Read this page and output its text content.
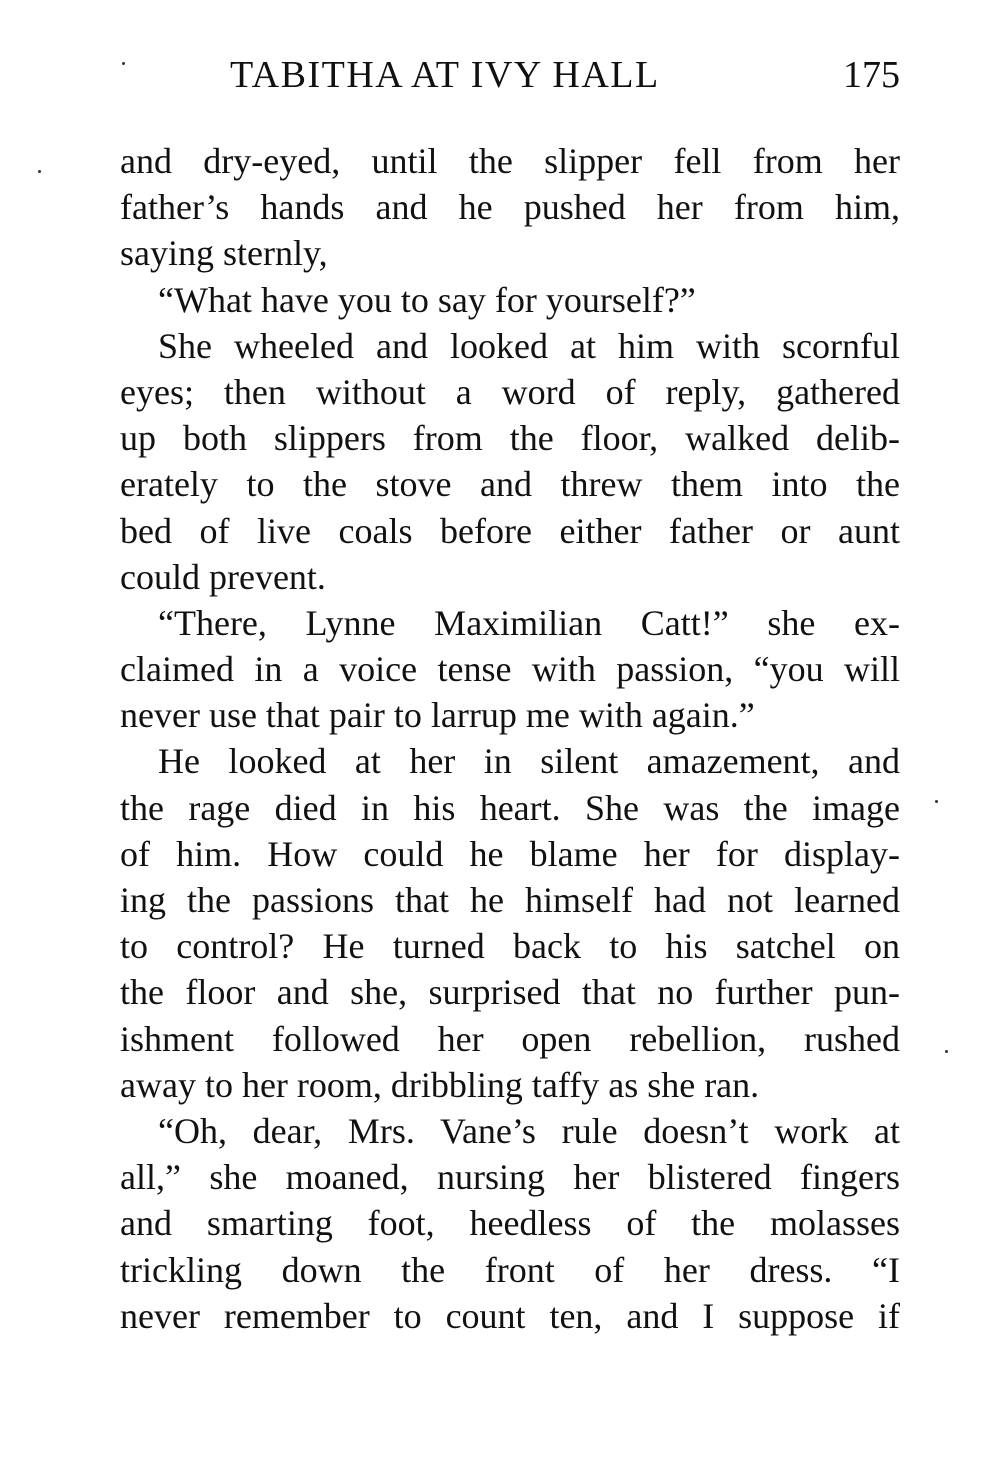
TABITHA AT IVY HALL	175
and dry-eyed, until the slipper fell from her
father’s hands and he pushed her from him,
saying sternly,
“What have you to say for yourself?”
She wheeled and looked at him with scornful
eyes; then without a word of reply, gathered
up both slippers from the floor, walked delib-
erately to the stove and threw them into the
bed of live coals before either father or aunt
could prevent.
“There, Lynne Maximilian Catt!” she ex-
claimed in a voice tense with passion, “you will
never use that pair to larrup me with again.”
He looked at her in silent amazement, and
the rage died in his heart. She was the image
of him. How could he blame her for display-
ing the passions that he himself had not learned
to control? He turned back to his satchel on
the floor and she, surprised that no further pun-
ishment followed her open rebellion, rushed
away to her room, dribbling taffy as she ran.
“Oh, dear, Mrs. Vane’s rule doesn’t work at
all,” she moaned, nursing her blistered fingers
and smarting foot, heedless of the molasses
trickling down the front of her dress. “I
never remember to count ten, and I suppose if
